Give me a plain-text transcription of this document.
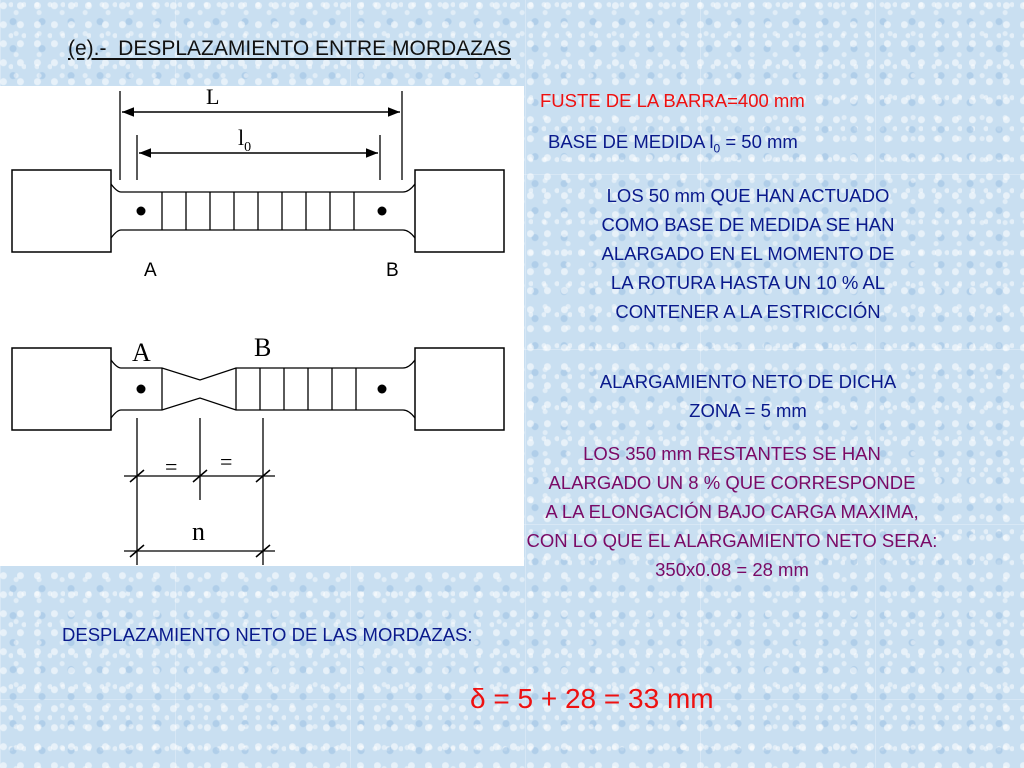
(e).-  DESPLAZAMIENTO ENTRE MORDAZAS
L
$l_0$
A	B
A	B
= =
n
FUSTE DE LA BARRA=400 mm
BASE DE MEDIDA $l_0 = 50$ mm
LOS 50 mm QUE HAN ACTUADO
COMO BASE DE MEDIDA SE HAN
ALARGADO EN EL MOMENTO DE
LA ROTURA HASTA UN 10 % AL
CONTENER A LA ESTRICCIÓN
ALARGAMIENTO NETO DE DICHA
ZONA = 5 mm
LOS 350 mm RESTANTES SE HAN
ALARGADO UN 8 % QUE CORRESPONDE
A LA ELONGACIÓN BAJO CARGA MAXIMA,
CON LO QUE EL ALARGAMIENTO NETO SERA:
350x0.08 = 28 mm
DESPLAZAMIENTO NETO DE LAS MORDAZAS:
δ = 5 + 28 = 33 mm
